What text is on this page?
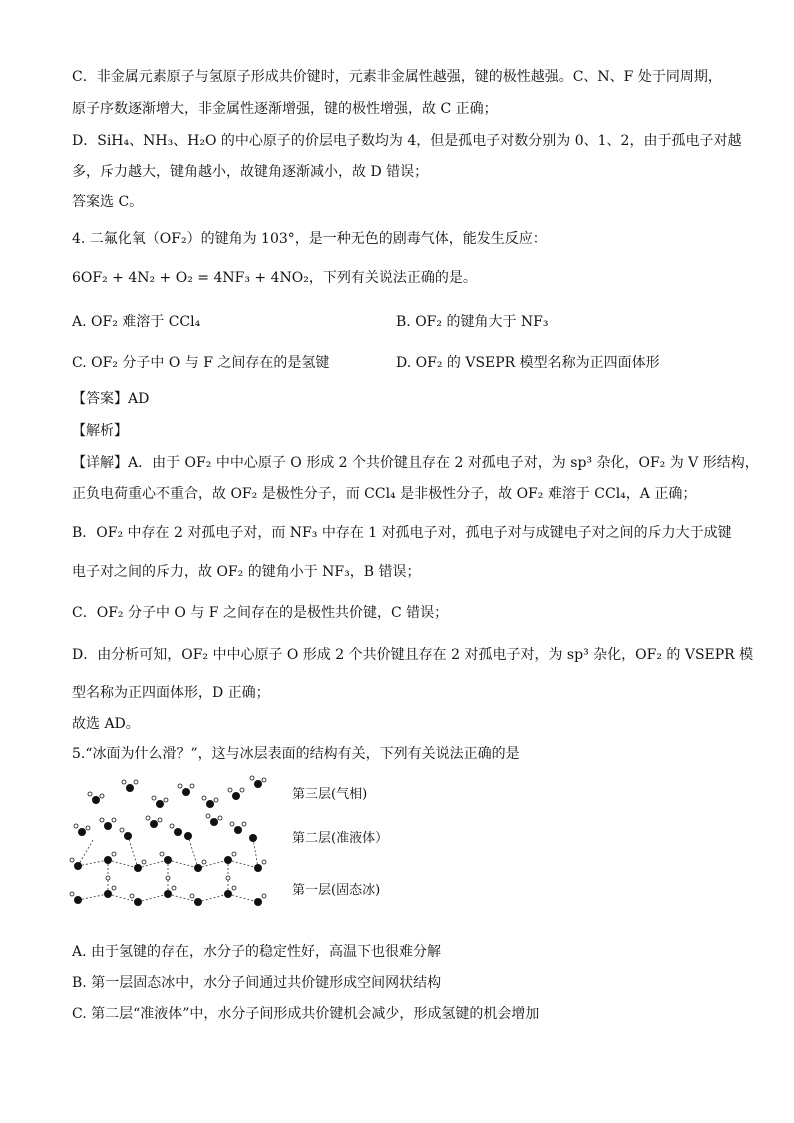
C．非金属元素原子与氢原子形成共价键时，元素非金属性越强，键的极性越强。C、N、F 处于同周期，
原子序数逐渐增大，非金属性逐渐增强，键的极性增强，故 C 正确；
D．SiH₄、NH₃、H₂O 的中心原子的价层电子数均为 4，但是孤电子对数分别为 0、1、2，由于孤电子对越
多，斥力越大，键角越小，故键角逐渐减小，故 D 错误；
答案选 C。
4. 二氟化氧（OF₂）的键角为 103°，是一种无色的剧毒气体，能发生反应：
6OF₂ + 4N₂ + O₂ = 4NF₃ + 4NO₂，下列有关说法正确的是。
A. OF₂ 难溶于 CCl₄	B. OF₂ 的键角大于 NF₃
C. OF₂ 分子中 O 与 F 之间存在的是氢键	D. OF₂ 的 VSEPR 模型名称为正四面体形
【答案】AD
【解析】
【详解】A．由于 OF₂ 中中心原子 O 形成 2 个共价键且存在 2 对孤电子对，为 sp³ 杂化，OF₂ 为 V 形结构，
正负电荷重心不重合，故 OF₂ 是极性分子，而 CCl₄ 是非极性分子，故 OF₂ 难溶于 CCl₄，A 正确；
B．OF₂ 中存在 2 对孤电子对，而 NF₃ 中存在 1 对孤电子对，孤电子对与成键电子对之间的斥力大于成键
电子对之间的斥力，故 OF₂ 的键角小于 NF₃，B 错误；
C．OF₂ 分子中 O 与 F 之间存在的是极性共价键，C 错误；
D．由分析可知，OF₂ 中中心原子 O 形成 2 个共价键且存在 2 对孤电子对，为 sp³ 杂化，OF₂ 的 VSEPR 模
型名称为正四面体形，D 正确；
故选 AD。
5.“冰面为什么滑？”，这与冰层表面的结构有关，下列有关说法正确的是
第三层(气相)
第二层(准液体）
第一层(固态冰)
A. 由于氢键的存在，水分子的稳定性好，高温下也很难分解
B. 第一层固态冰中，水分子间通过共价键形成空间网状结构
C. 第二层“准液体”中，水分子间形成共价键机会减少，形成氢键的机会增加
